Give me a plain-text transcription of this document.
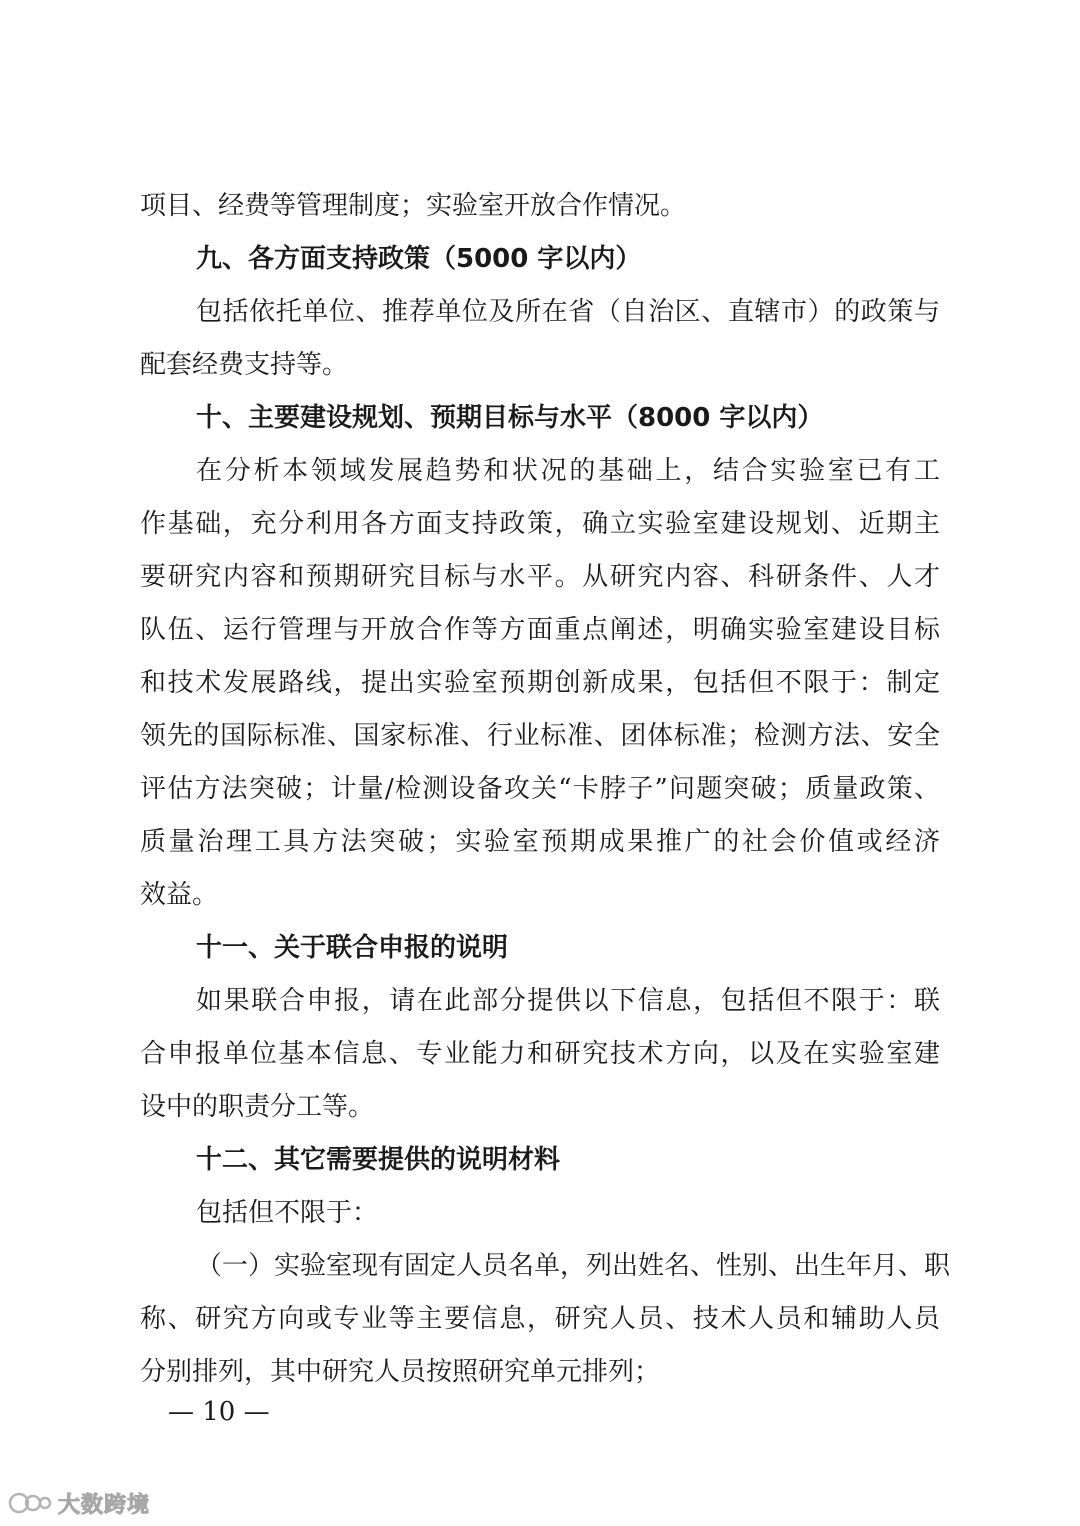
项目、经费等管理制度；实验室开放合作情况。
九、各方面支持政策（5000 字以内）
包括依托单位、推荐单位及所在省（自治区、直辖市）的政策与
配套经费支持等。
十、主要建设规划、预期目标与水平（8000 字以内）
在分析本领域发展趋势和状况的基础上，结合实验室已有工
作基础，充分利用各方面支持政策，确立实验室建设规划、近期主
要研究内容和预期研究目标与水平。从研究内容、科研条件、人才
队伍、运行管理与开放合作等方面重点阐述，明确实验室建设目标
和技术发展路线，提出实验室预期创新成果，包括但不限于：制定
领先的国际标准、国家标准、行业标准、团体标准；检测方法、安全
评估方法突破；计量/检测设备攻关“卡脖子”问题突破；质量政策、
质量治理工具方法突破；实验室预期成果推广的社会价值或经济
效益。
十一、关于联合申报的说明
如果联合申报，请在此部分提供以下信息，包括但不限于：联
合申报单位基本信息、专业能力和研究技术方向，以及在实验室建
设中的职责分工等。
十二、其它需要提供的说明材料
包括但不限于：
（一）实验室现有固定人员名单，列出姓名、性别、出生年月、职
称、研究方向或专业等主要信息，研究人员、技术人员和辅助人员
分别排列，其中研究人员按照研究单元排列；
— 10 —
大数跨境
